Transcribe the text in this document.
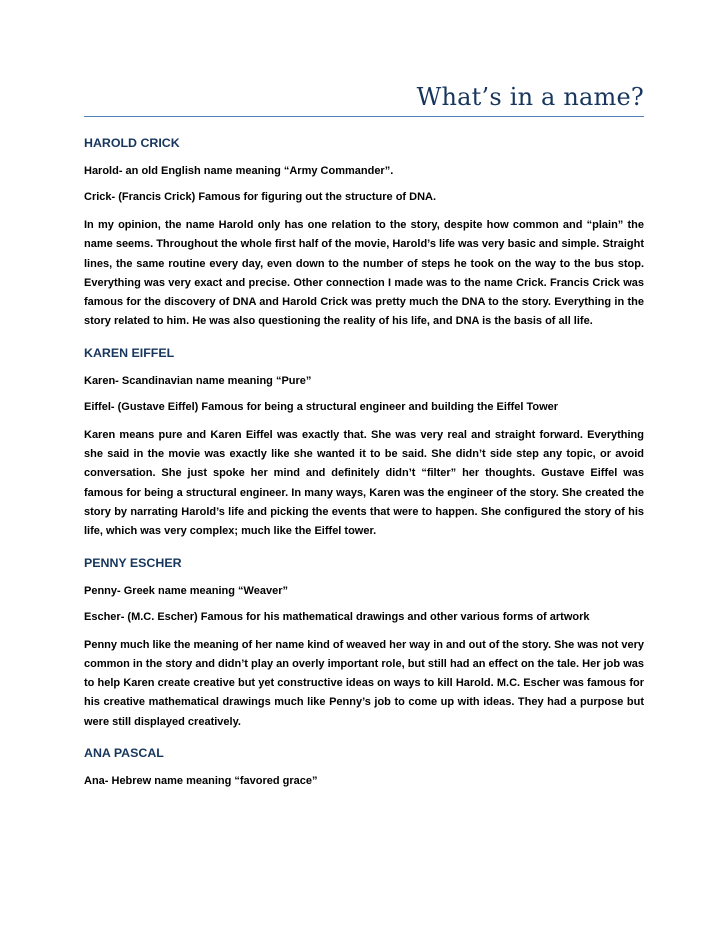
What’s in a name?
HAROLD CRICK
Harold- an old English name meaning “Army Commander”.
Crick- (Francis Crick) Famous for figuring out the structure of DNA.
In my opinion, the name Harold only has one relation to the story, despite how common and “plain” the name seems. Throughout the whole first half of the movie, Harold’s life was very basic and simple. Straight lines, the same routine every day, even down to the number of steps he took on the way to the bus stop. Everything was very exact and precise. Other connection I made was to the name Crick. Francis Crick was famous for the discovery of DNA and Harold Crick was pretty much the DNA to the story. Everything in the story related to him. He was also questioning the reality of his life, and DNA is the basis of all life.
KAREN EIFFEL
Karen- Scandinavian name meaning “Pure”
Eiffel- (Gustave Eiffel) Famous for being a structural engineer and building the Eiffel Tower
Karen means pure and Karen Eiffel was exactly that. She was very real and straight forward. Everything she said in the movie was exactly like she wanted it to be said. She didn’t side step any topic, or avoid conversation. She just spoke her mind and definitely didn’t “filter” her thoughts. Gustave Eiffel was famous for being a structural engineer. In many ways, Karen was the engineer of the story. She created the story by narrating Harold’s life and picking the events that were to happen. She configured the story of his life, which was very complex; much like the Eiffel tower.
PENNY ESCHER
Penny- Greek name meaning “Weaver”
Escher- (M.C. Escher) Famous for his mathematical drawings and other various forms of artwork
Penny much like the meaning of her name kind of weaved her way in and out of the story. She was not very common in the story and didn’t play an overly important role, but still had an effect on the tale. Her job was to help Karen create creative but yet constructive ideas on ways to kill Harold. M.C. Escher was famous for his creative mathematical drawings much like Penny’s job to come up with ideas. They had a purpose but were still displayed creatively.
ANA PASCAL
Ana- Hebrew name meaning “favored grace”
